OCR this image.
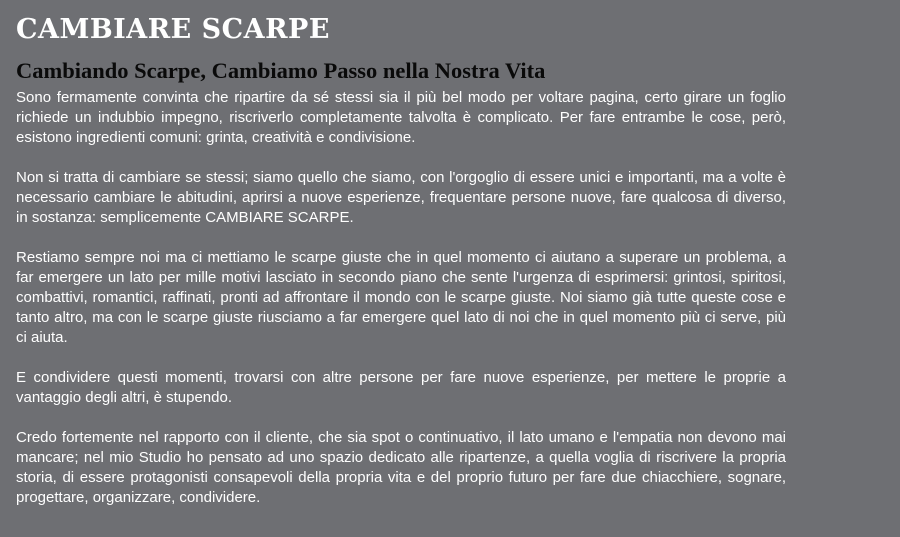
CAMBIARE SCARPE
Cambiando Scarpe, Cambiamo Passo nella Nostra Vita

Sono fermamente convinta che ripartire da sé stessi sia il più bel modo per voltare pagina, certo girare un foglio richiede un indubbio impegno, riscriverlo completamente talvolta è complicato. Per fare entrambe le cose, però, esistono ingredienti comuni: grinta, creatività e condivisione.

Non si tratta di cambiare se stessi; siamo quello che siamo, con l'orgoglio di essere unici e importanti, ma a volte è necessario cambiare le abitudini, aprirsi a nuove esperienze, frequentare persone nuove, fare qualcosa di diverso, in sostanza: semplicemente CAMBIARE SCARPE.

Restiamo sempre noi ma ci mettiamo le scarpe giuste che in quel momento ci aiutano a superare un problema, a far emergere un lato per mille motivi lasciato in secondo piano che sente l'urgenza di esprimersi: grintosi, spiritosi, combattivi, romantici, raffinati, pronti ad affrontare il mondo con le scarpe giuste. Noi siamo già tutte queste cose e tanto altro, ma con le scarpe giuste riusciamo a far emergere quel lato di noi che in quel momento più ci serve, più ci aiuta.

E condividere questi momenti, trovarsi con altre persone per fare nuove esperienze, per mettere le proprie a vantaggio degli altri, è stupendo.

Credo fortemente nel rapporto con il cliente, che sia spot o continuativo, il lato umano e l'empatia non devono mai mancare; nel mio Studio ho pensato ad uno spazio dedicato alle ripartenze, a quella voglia di riscrivere la propria storia, di essere protagonisti consapevoli della propria vita e del proprio futuro per fare due chiacchiere, sognare, progettare, organizzare, condividere.
